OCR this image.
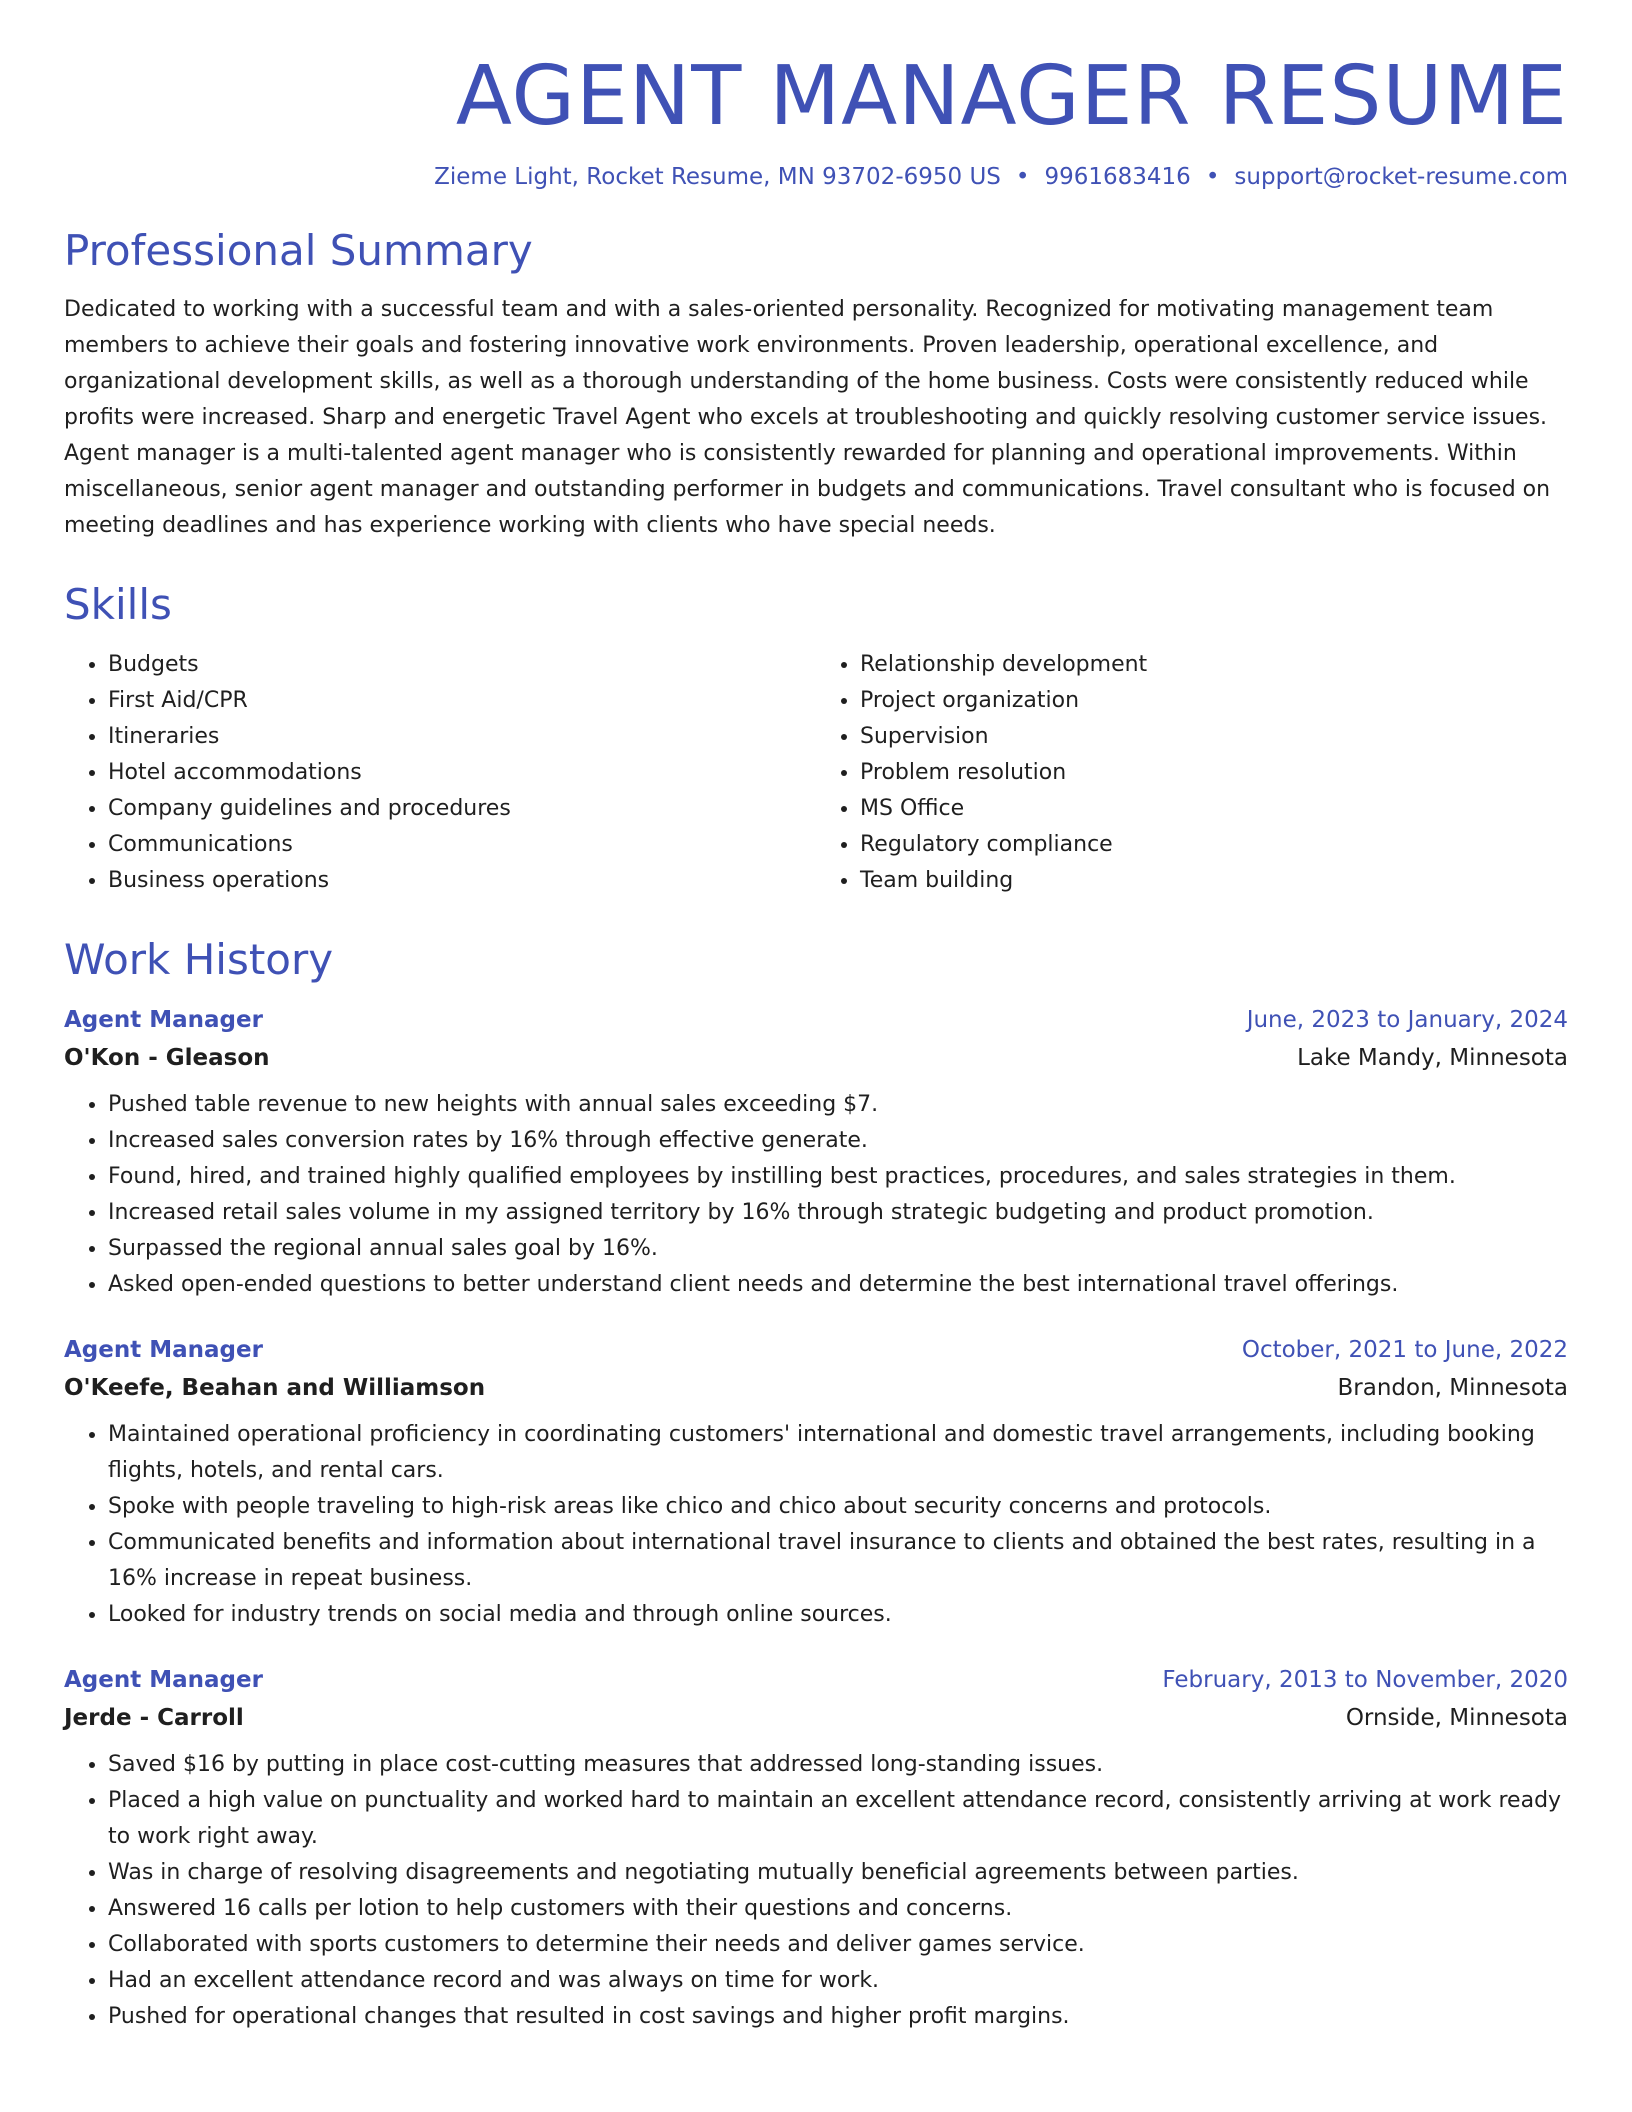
AGENT MANAGER RESUME
Zieme Light, Rocket Resume, MN 93702-6950 US • 9961683416 • support@rocket-resume.com
Professional Summary

Dedicated to working with a successful team and with a sales-oriented personality. Recognized for motivating management team members to achieve their goals and fostering innovative work environments. Proven leadership, operational excellence, and organizational development skills, as well as a thorough understanding of the home business. Costs were consistently reduced while profits were increased. Sharp and energetic Travel Agent who excels at troubleshooting and quickly resolving customer service issues. Agent manager is a multi-talented agent manager who is consistently rewarded for planning and operational improvements. Within miscellaneous, senior agent manager and outstanding performer in budgets and communications. Travel consultant who is focused on meeting deadlines and has experience working with clients who have special needs.

Skills
• Budgets
• First Aid/CPR
• Itineraries
• Hotel accommodations
• Company guidelines and procedures
• Communications
• Business operations
• Relationship development
• Project organization
• Supervision
• Problem resolution
• MS Office
• Regulatory compliance
• Team building
Work History
Agent Manager	June, 2023 to January, 2024
O'Kon - Gleason	Lake Mandy, Minnesota
• Pushed table revenue to new heights with annual sales exceeding $7.
• Increased sales conversion rates by 16% through effective generate.
• Found, hired, and trained highly qualified employees by instilling best practices, procedures, and sales strategies in them.
• Increased retail sales volume in my assigned territory by 16% through strategic budgeting and product promotion.
• Surpassed the regional annual sales goal by 16%.
• Asked open-ended questions to better understand client needs and determine the best international travel offerings.
Agent Manager	October, 2021 to June, 2022
O'Keefe, Beahan and Williamson	Brandon, Minnesota
• Maintained operational proficiency in coordinating customers' international and domestic travel arrangements, including booking flights, hotels, and rental cars.
• Spoke with people traveling to high-risk areas like chico and chico about security concerns and protocols.
• Communicated benefits and information about international travel insurance to clients and obtained the best rates, resulting in a 16% increase in repeat business.
• Looked for industry trends on social media and through online sources.
Agent Manager	February, 2013 to November, 2020
Jerde - Carroll	Ornside, Minnesota
• Saved $16 by putting in place cost-cutting measures that addressed long-standing issues.
• Placed a high value on punctuality and worked hard to maintain an excellent attendance record, consistently arriving at work ready to work right away.
• Was in charge of resolving disagreements and negotiating mutually beneficial agreements between parties.
• Answered 16 calls per lotion to help customers with their questions and concerns.
• Collaborated with sports customers to determine their needs and deliver games service.
• Had an excellent attendance record and was always on time for work.
• Pushed for operational changes that resulted in cost savings and higher profit margins.
